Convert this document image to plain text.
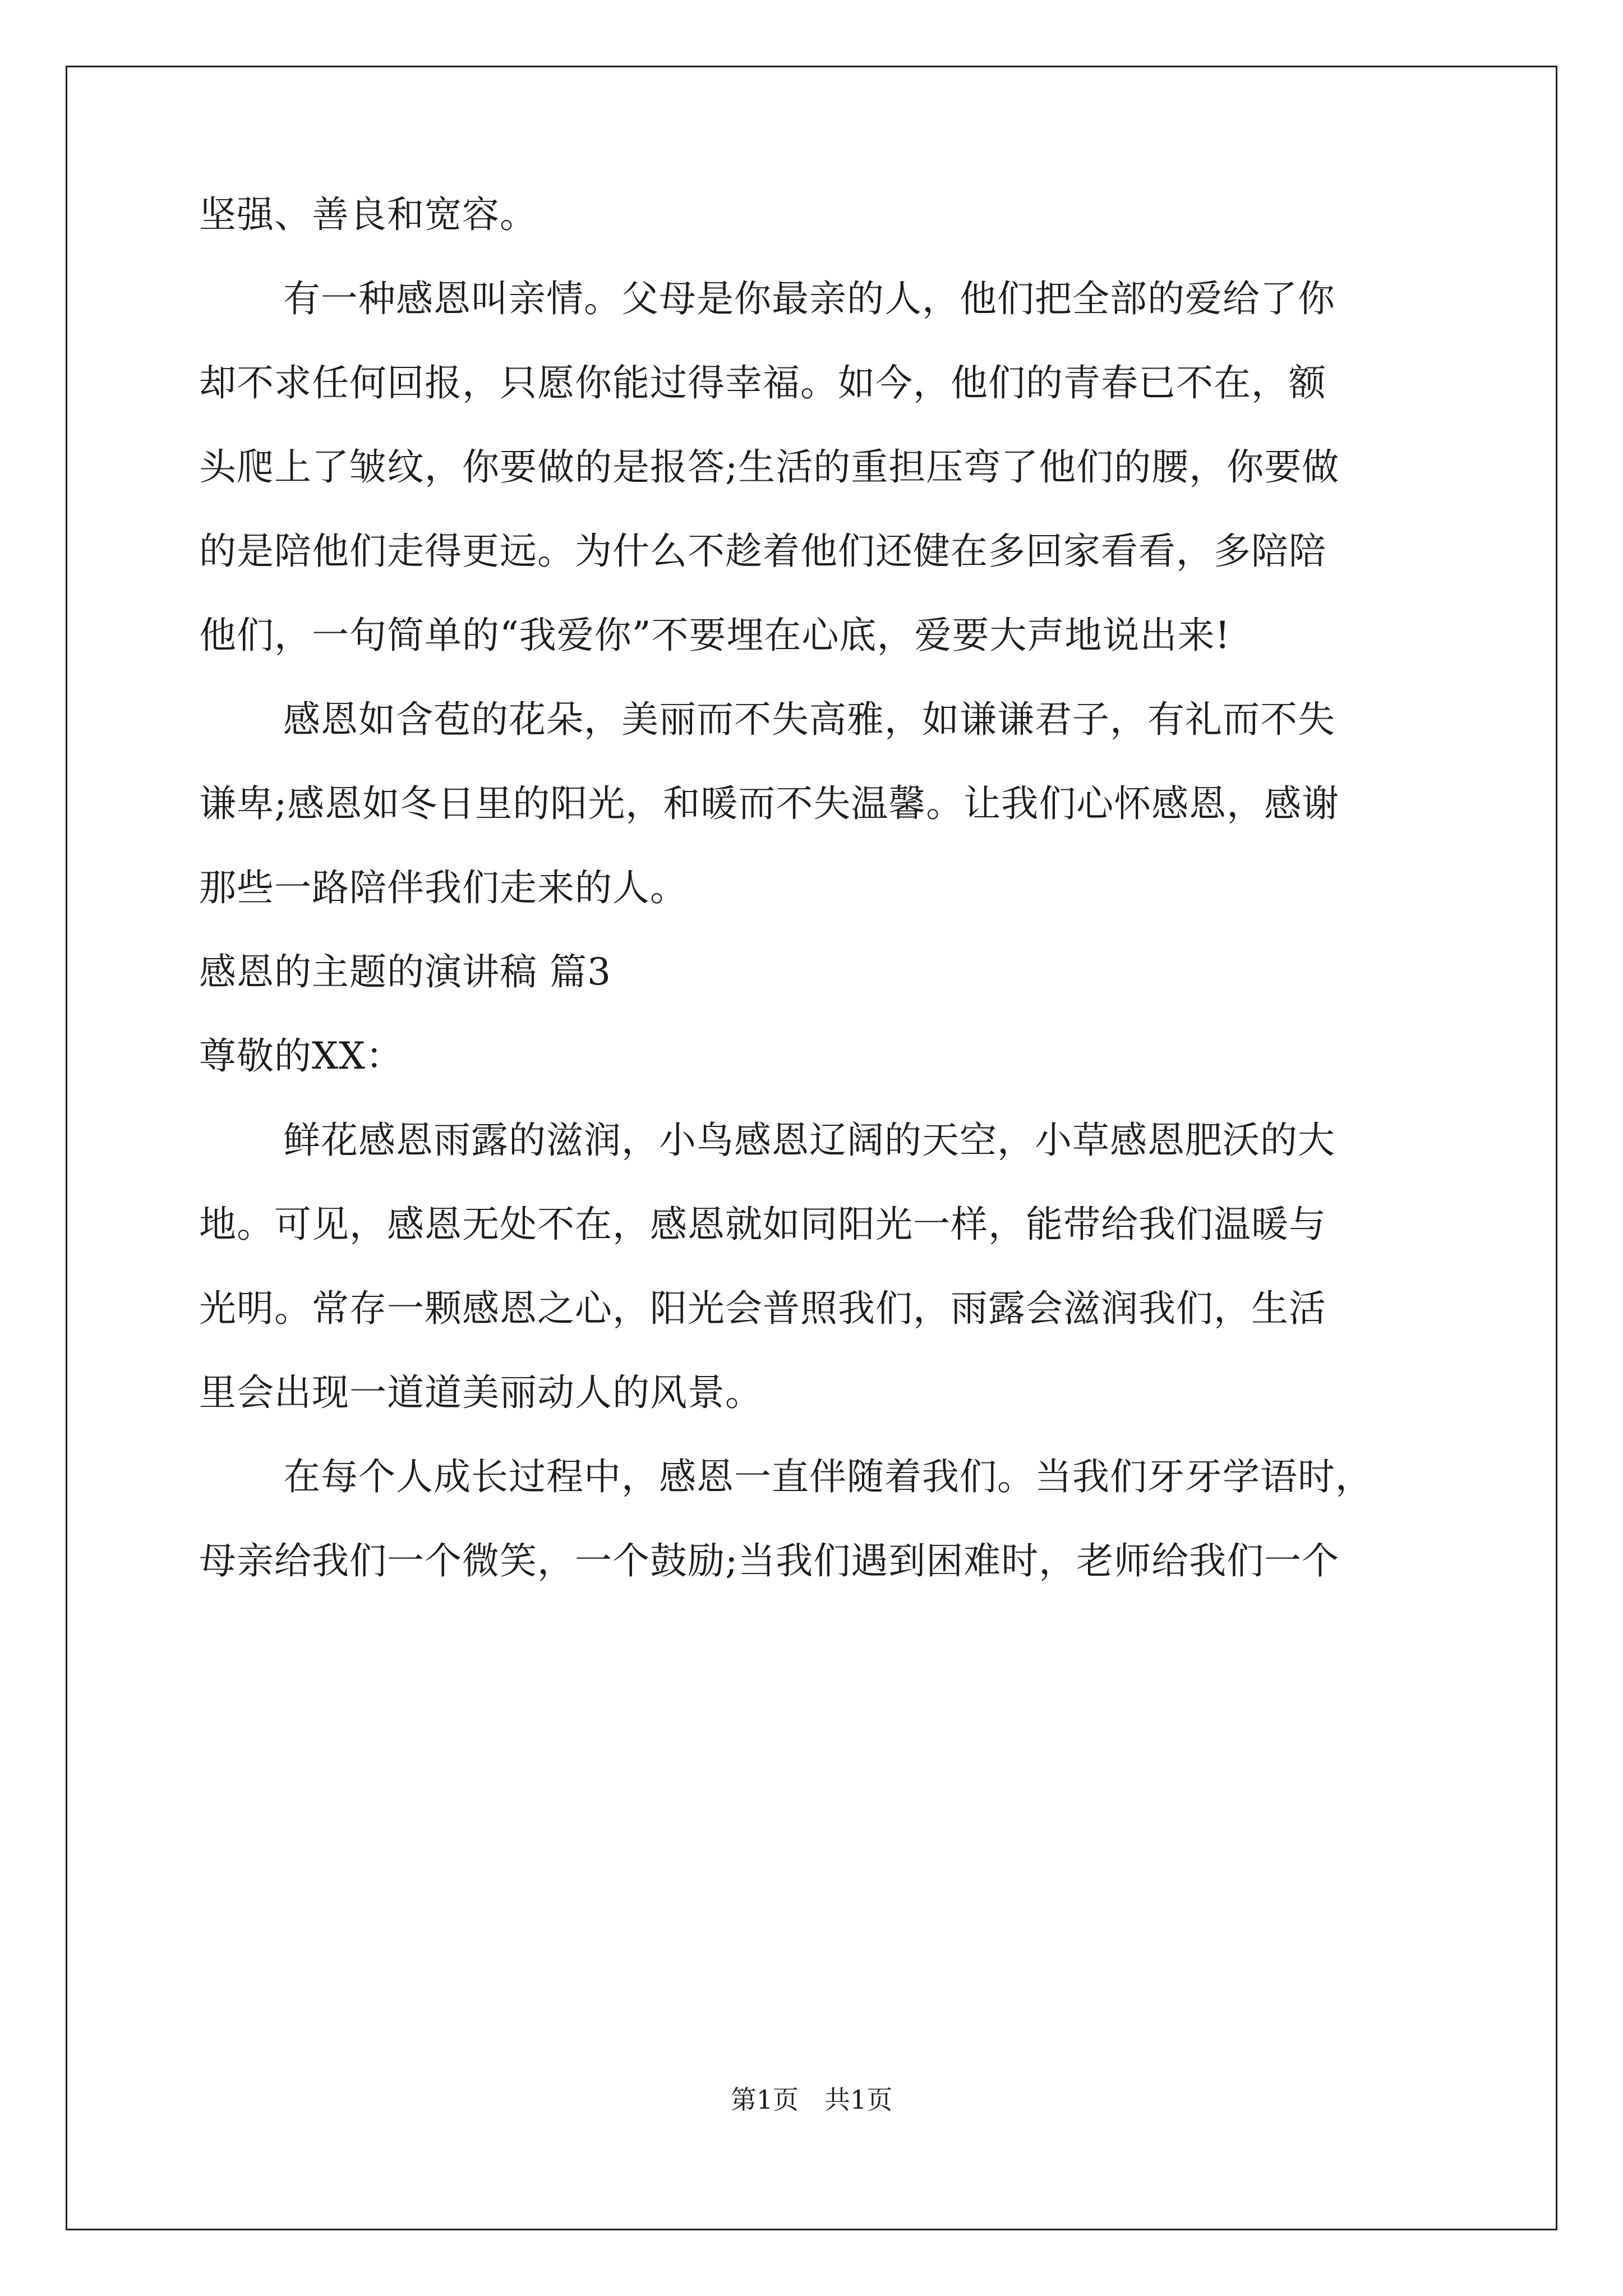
坚强、善良和宽容。
有一种感恩叫亲情。父母是你最亲的人，他们把全部的爱给了你
却不求任何回报，只愿你能过得幸福。如今，他们的青春已不在，额
头爬上了皱纹，你要做的是报答;生活的重担压弯了他们的腰，你要做
的是陪他们走得更远。为什么不趁着他们还健在多回家看看，多陪陪
他们，一句简单的“我爱你”不要埋在心底，爱要大声地说出来!
感恩如含苞的花朵，美丽而不失高雅，如谦谦君子，有礼而不失
谦卑;感恩如冬日里的阳光，和暖而不失温馨。让我们心怀感恩，感谢
那些一路陪伴我们走来的人。
感恩的主题的演讲稿 篇3
尊敬的XX：
鲜花感恩雨露的滋润，小鸟感恩辽阔的天空，小草感恩肥沃的大
地。可见，感恩无处不在，感恩就如同阳光一样，能带给我们温暖与
光明。常存一颗感恩之心，阳光会普照我们，雨露会滋润我们，生活
里会出现一道道美丽动人的风景。
在每个人成长过程中，感恩一直伴随着我们。当我们牙牙学语时，
母亲给我们一个微笑，一个鼓励;当我们遇到困难时，老师给我们一个
第1页　共1页
